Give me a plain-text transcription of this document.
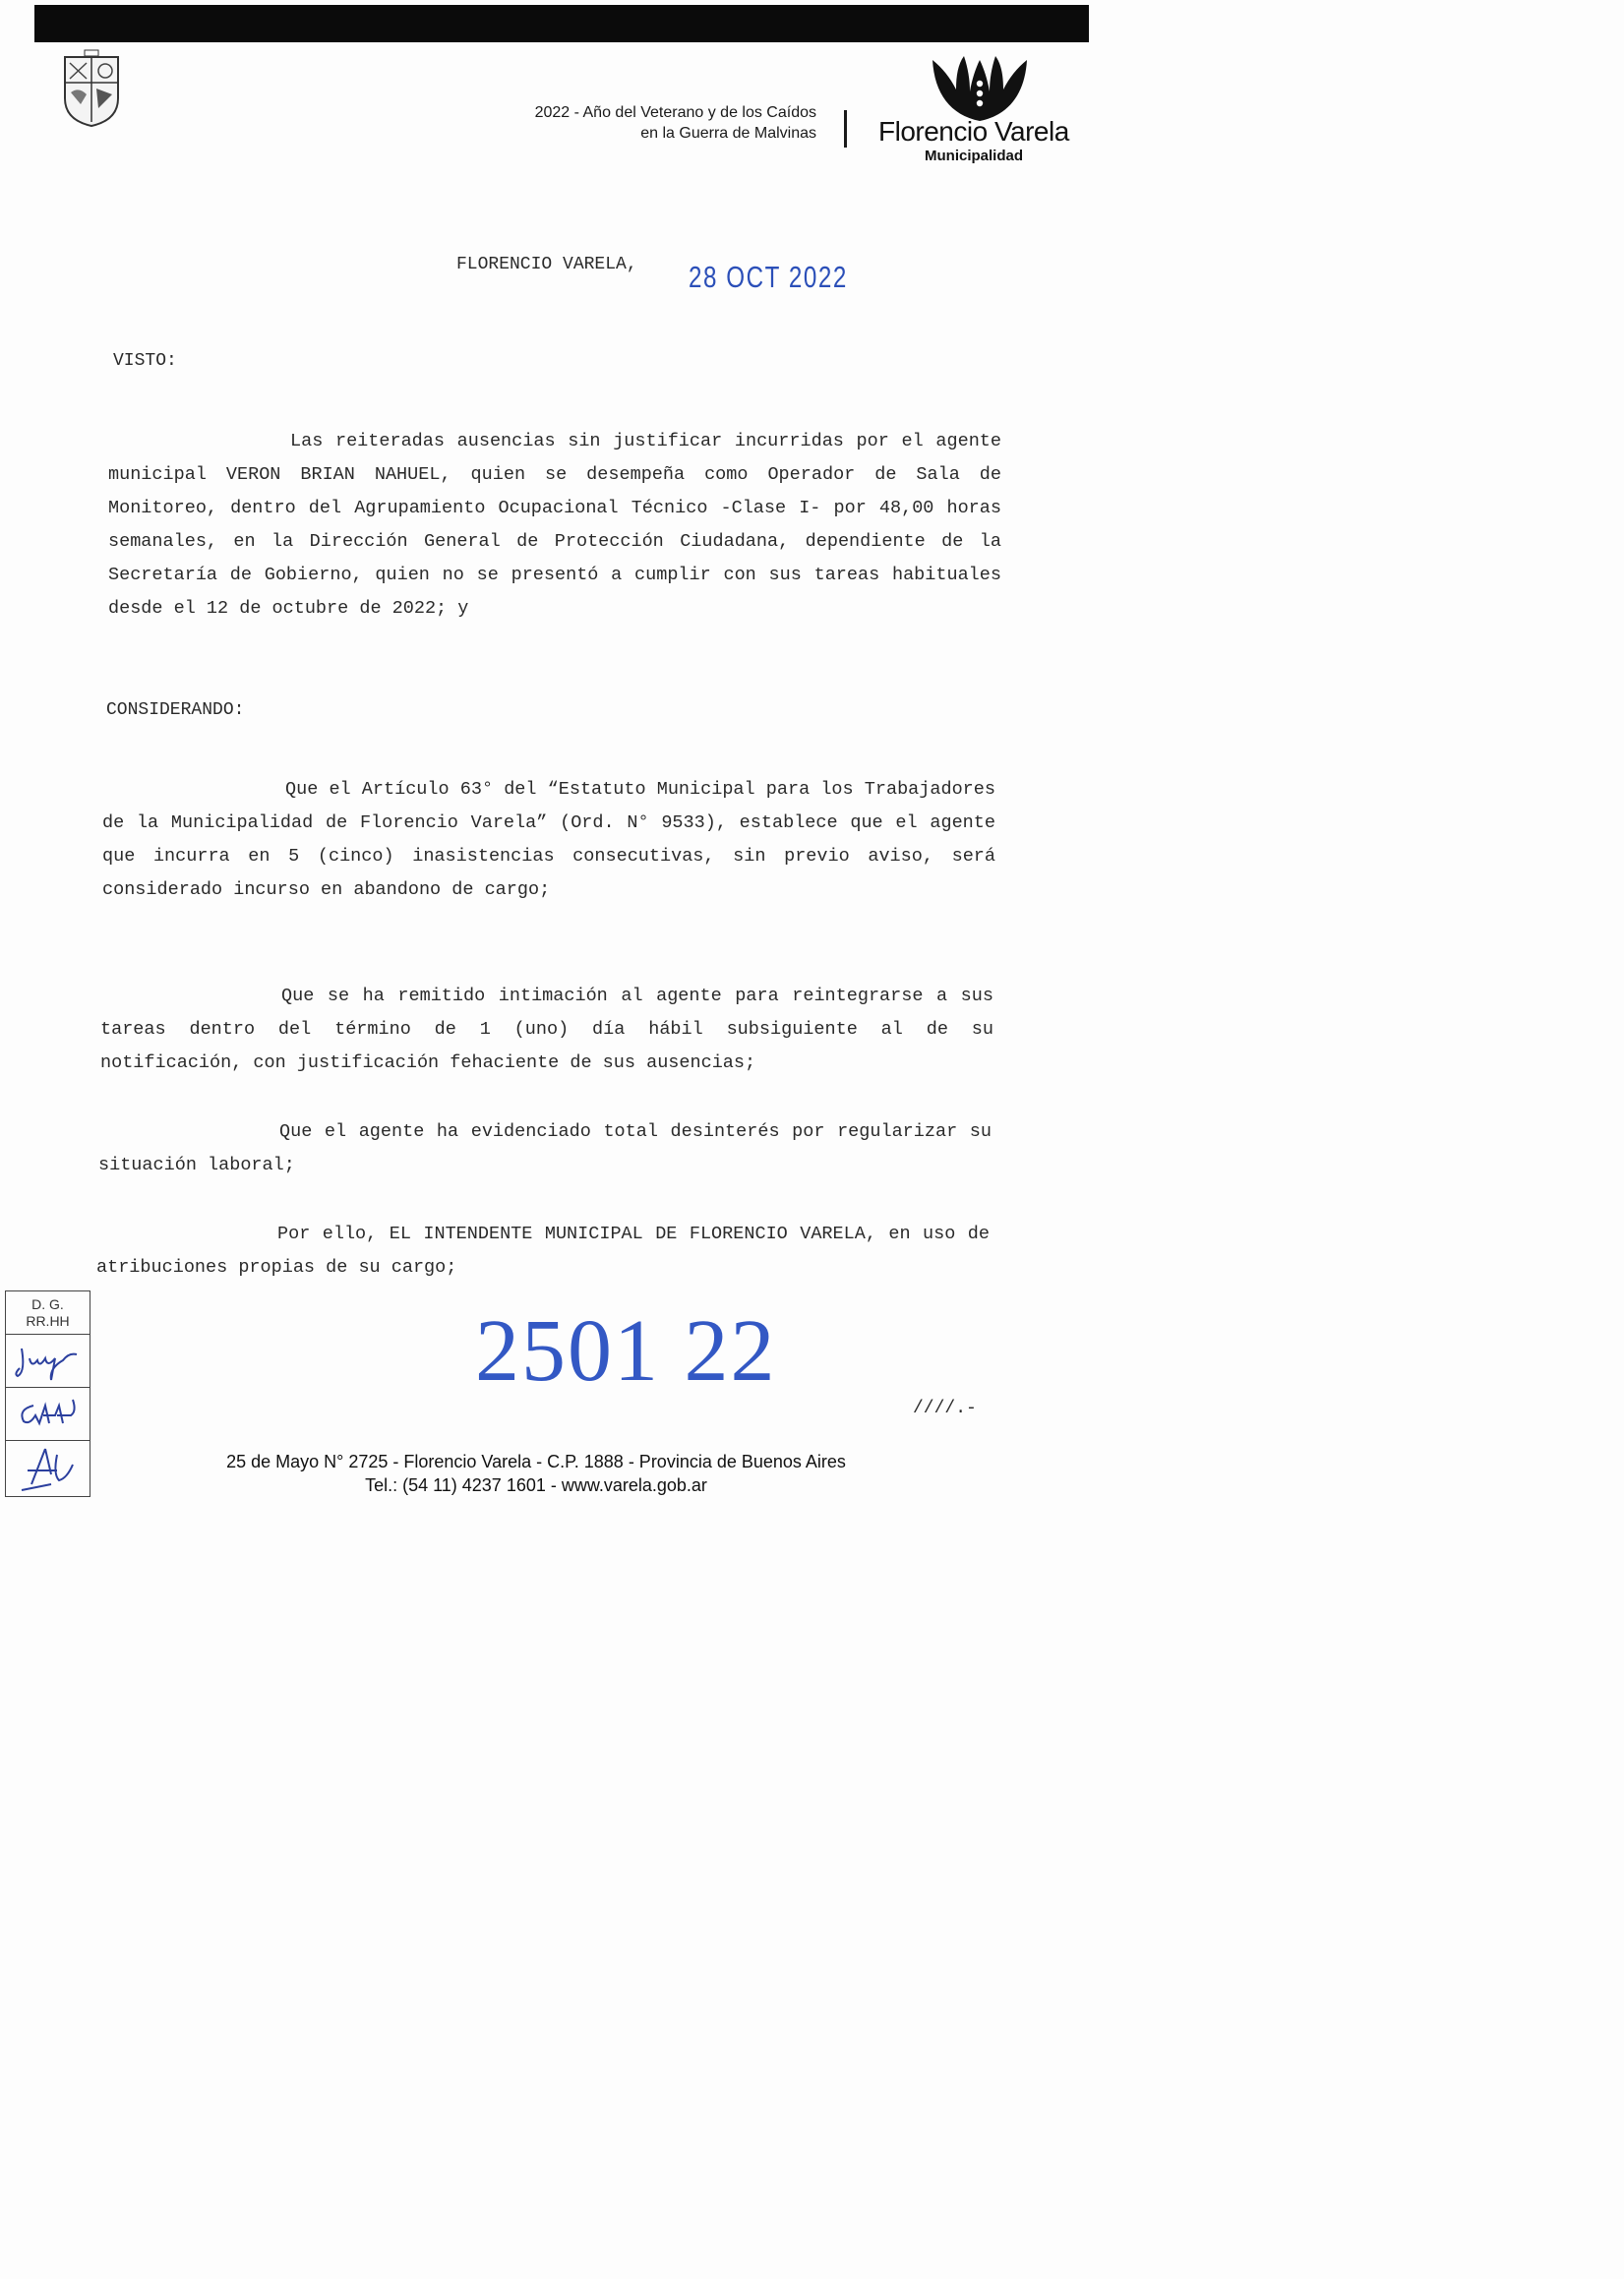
2022 - Año del Veterano y de los Caídos
en la Guerra de Malvinas Florencio Varela
Municipalidad
FLORENCIO VARELA, 28 OCT 2022
VISTO:
Las reiteradas ausencias sin justificar incurridas por el agente municipal VERON BRIAN NAHUEL, quien se desempeña como Operador de Sala de Monitoreo, dentro del Agrupamiento Ocupacional Técnico -Clase I- por 48,00 horas semanales, en la Dirección General de Protección Ciudadana, dependiente de la Secretaría de Gobierno, quien no se presentó a cumplir con sus tareas habituales desde el 12 de octubre de 2022; y
CONSIDERANDO:
Que el Artículo 63° del “Estatuto Municipal para los Trabajadores de la Municipalidad de Florencio Varela” (Ord. N° 9533), establece que el agente que incurra en 5 (cinco) inasistencias consecutivas, sin previo aviso, será considerado incurso en abandono de cargo;
Que se ha remitido intimación al agente para reintegrarse a sus tareas dentro del término de 1 (uno) día hábil subsiguiente al de su notificación, con justificación fehaciente de sus ausencias;
Que el agente ha evidenciado total desinterés por regularizar su situación laboral;
Por ello, EL INTENDENTE MUNICIPAL DE FLORENCIO VARELA, en uso de atribuciones propias de su cargo;
2501 22
////.-
D. G.
RR.HH
25 de Mayo N° 2725 - Florencio Varela - C.P. 1888 - Provincia de Buenos Aires
Tel.: (54 11) 4237 1601 - www.varela.gob.ar
